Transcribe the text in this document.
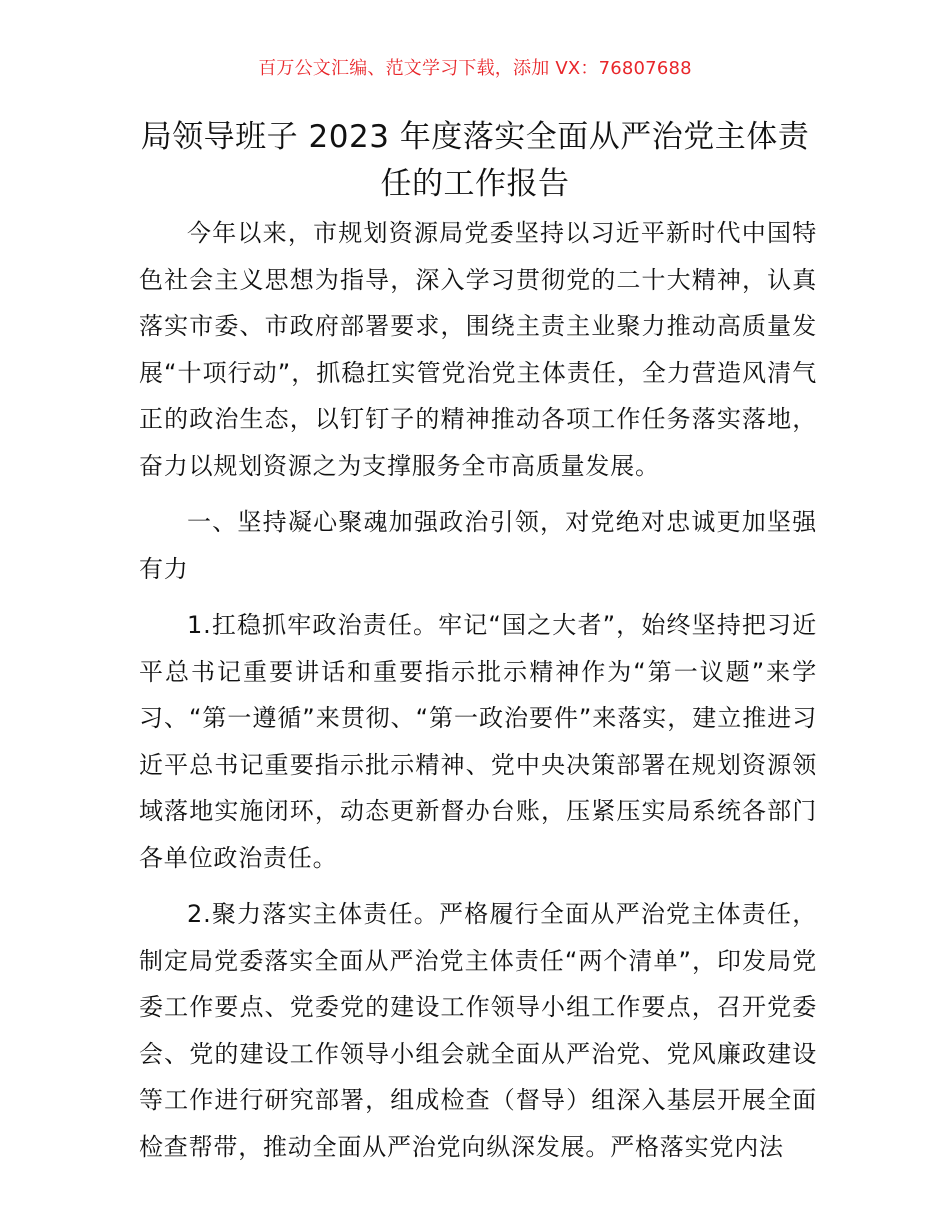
百万公文汇编、范文学习下载，添加 VX：76807688
局领导班子 2023 年度落实全面从严治党主体责任的工作报告

今年以来，市规划资源局党委坚持以习近平新时代中国特色社会主义思想为指导，深入学习贯彻党的二十大精神，认真落实市委、市政府部署要求，围绕主责主业聚力推动高质量发展“十项行动”，抓稳扛实管党治党主体责任，全力营造风清气正的政治生态，以钉钉子的精神推动各项工作任务落实落地，奋力以规划资源之为支撑服务全市高质量发展。

一、坚持凝心聚魂加强政治引领，对党绝对忠诚更加坚强有力

1.扛稳抓牢政治责任。牢记“国之大者”，始终坚持把习近平总书记重要讲话和重要指示批示精神作为“第一议题”来学习、“第一遵循”来贯彻、“第一政治要件”来落实，建立推进习近平总书记重要指示批示精神、党中央决策部署在规划资源领域落地实施闭环，动态更新督办台账，压紧压实局系统各部门各单位政治责任。

2.聚力落实主体责任。严格履行全面从严治党主体责任，制定局党委落实全面从严治党主体责任“两个清单”，印发局党委工作要点、党委党的建设工作领导小组工作要点，召开党委会、党的建设工作领导小组会就全面从严治党、党风廉政建设等工作进行研究部署，组成检查（督导）组深入基层开展全面检查帮带，推动全面从严治党向纵深发展。严格落实党内法
